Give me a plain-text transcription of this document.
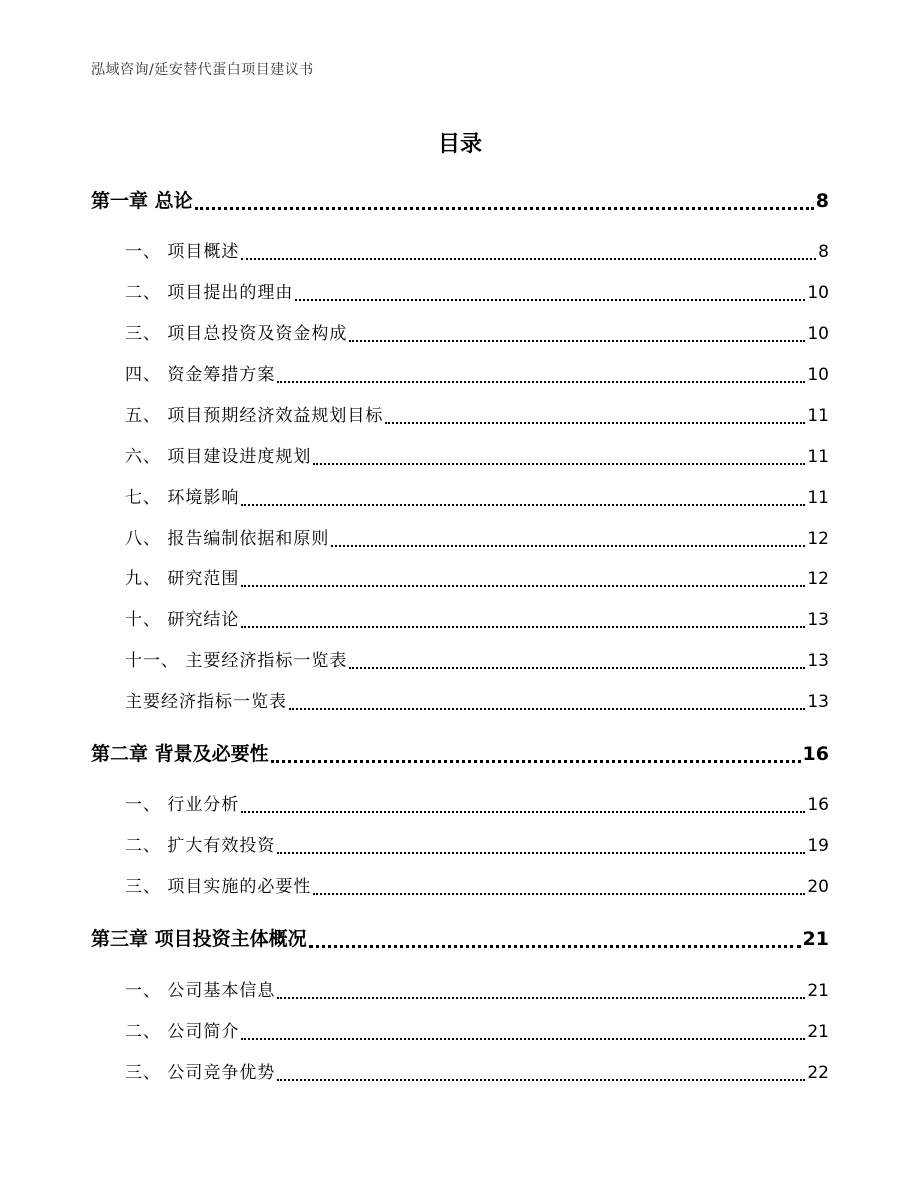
泓域咨询/延安替代蛋白项目建议书
目录
第一章 总论	8
一、 项目概述	8
二、 项目提出的理由	10
三、 项目总投资及资金构成	10
四、 资金筹措方案	10
五、 项目预期经济效益规划目标	11
六、 项目建设进度规划	11
七、 环境影响	11
八、 报告编制依据和原则	12
九、 研究范围	12
十、 研究结论	13
十一、 主要经济指标一览表	13
主要经济指标一览表	13
第二章 背景及必要性	16
一、 行业分析	16
二、 扩大有效投资	19
三、 项目实施的必要性	20
第三章 项目投资主体概况	21
一、 公司基本信息	21
二、 公司简介	21
三、 公司竞争优势	22
